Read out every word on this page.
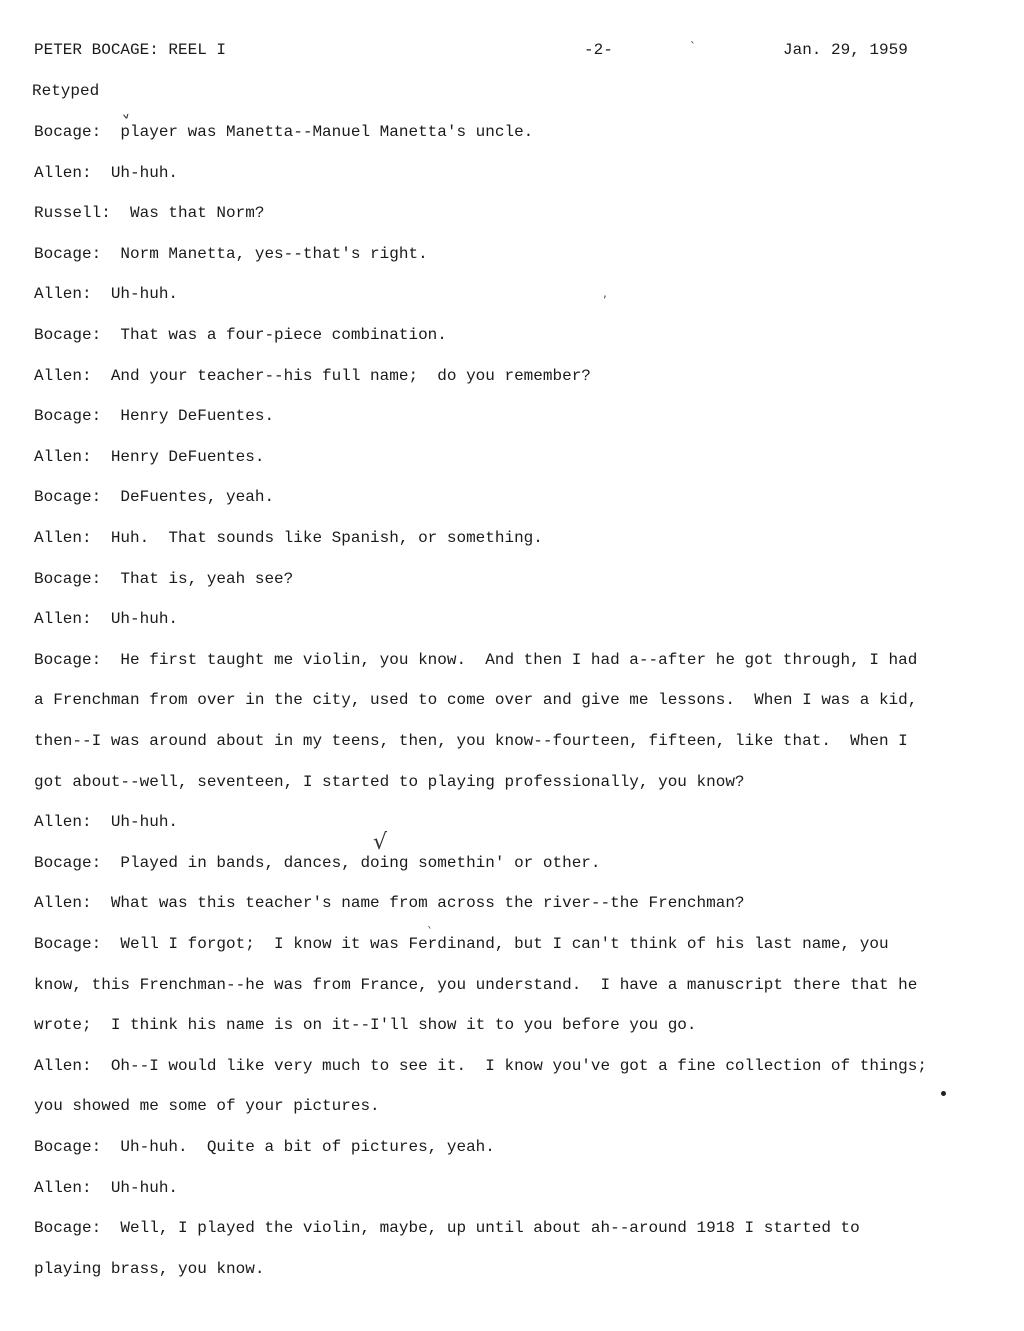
PETER BOCAGE: REEL I	-2-	Jan. 29, 1959
Retyped
ˬ
√
`
,
`
Bocage:  player was Manetta--Manuel Manetta's uncle.
Allen:  Uh-huh.
Russell:  Was that Norm?
Bocage:  Norm Manetta, yes--that's right.
Allen:  Uh-huh.
Bocage:  That was a four-piece combination.
Allen:  And your teacher--his full name;  do you remember?
Bocage:  Henry DeFuentes.
Allen:  Henry DeFuentes.
Bocage:  DeFuentes, yeah.
Allen:  Huh.  That sounds like Spanish, or something.
Bocage:  That is, yeah see?
Allen:  Uh-huh.
Bocage:  He first taught me violin, you know.  And then I had a--after he got through, I had
a Frenchman from over in the city, used to come over and give me lessons.  When I was a kid,
then--I was around about in my teens, then, you know--fourteen, fifteen, like that.  When I
got about--well, seventeen, I started to playing professionally, you know?
Allen:  Uh-huh.
Bocage:  Played in bands, dances, doing somethin' or other.
Allen:  What was this teacher's name from across the river--the Frenchman?
Bocage:  Well I forgot;  I know it was Ferdinand, but I can't think of his last name, you
know, this Frenchman--he was from France, you understand.  I have a manuscript there that he
wrote;  I think his name is on it--I'll show it to you before you go.
Allen:  Oh--I would like very much to see it.  I know you've got a fine collection of things;
you showed me some of your pictures.
Bocage:  Uh-huh.  Quite a bit of pictures, yeah.
Allen:  Uh-huh.
Bocage:  Well, I played the violin, maybe, up until about ah--around 1918 I started to
playing brass, you know.
